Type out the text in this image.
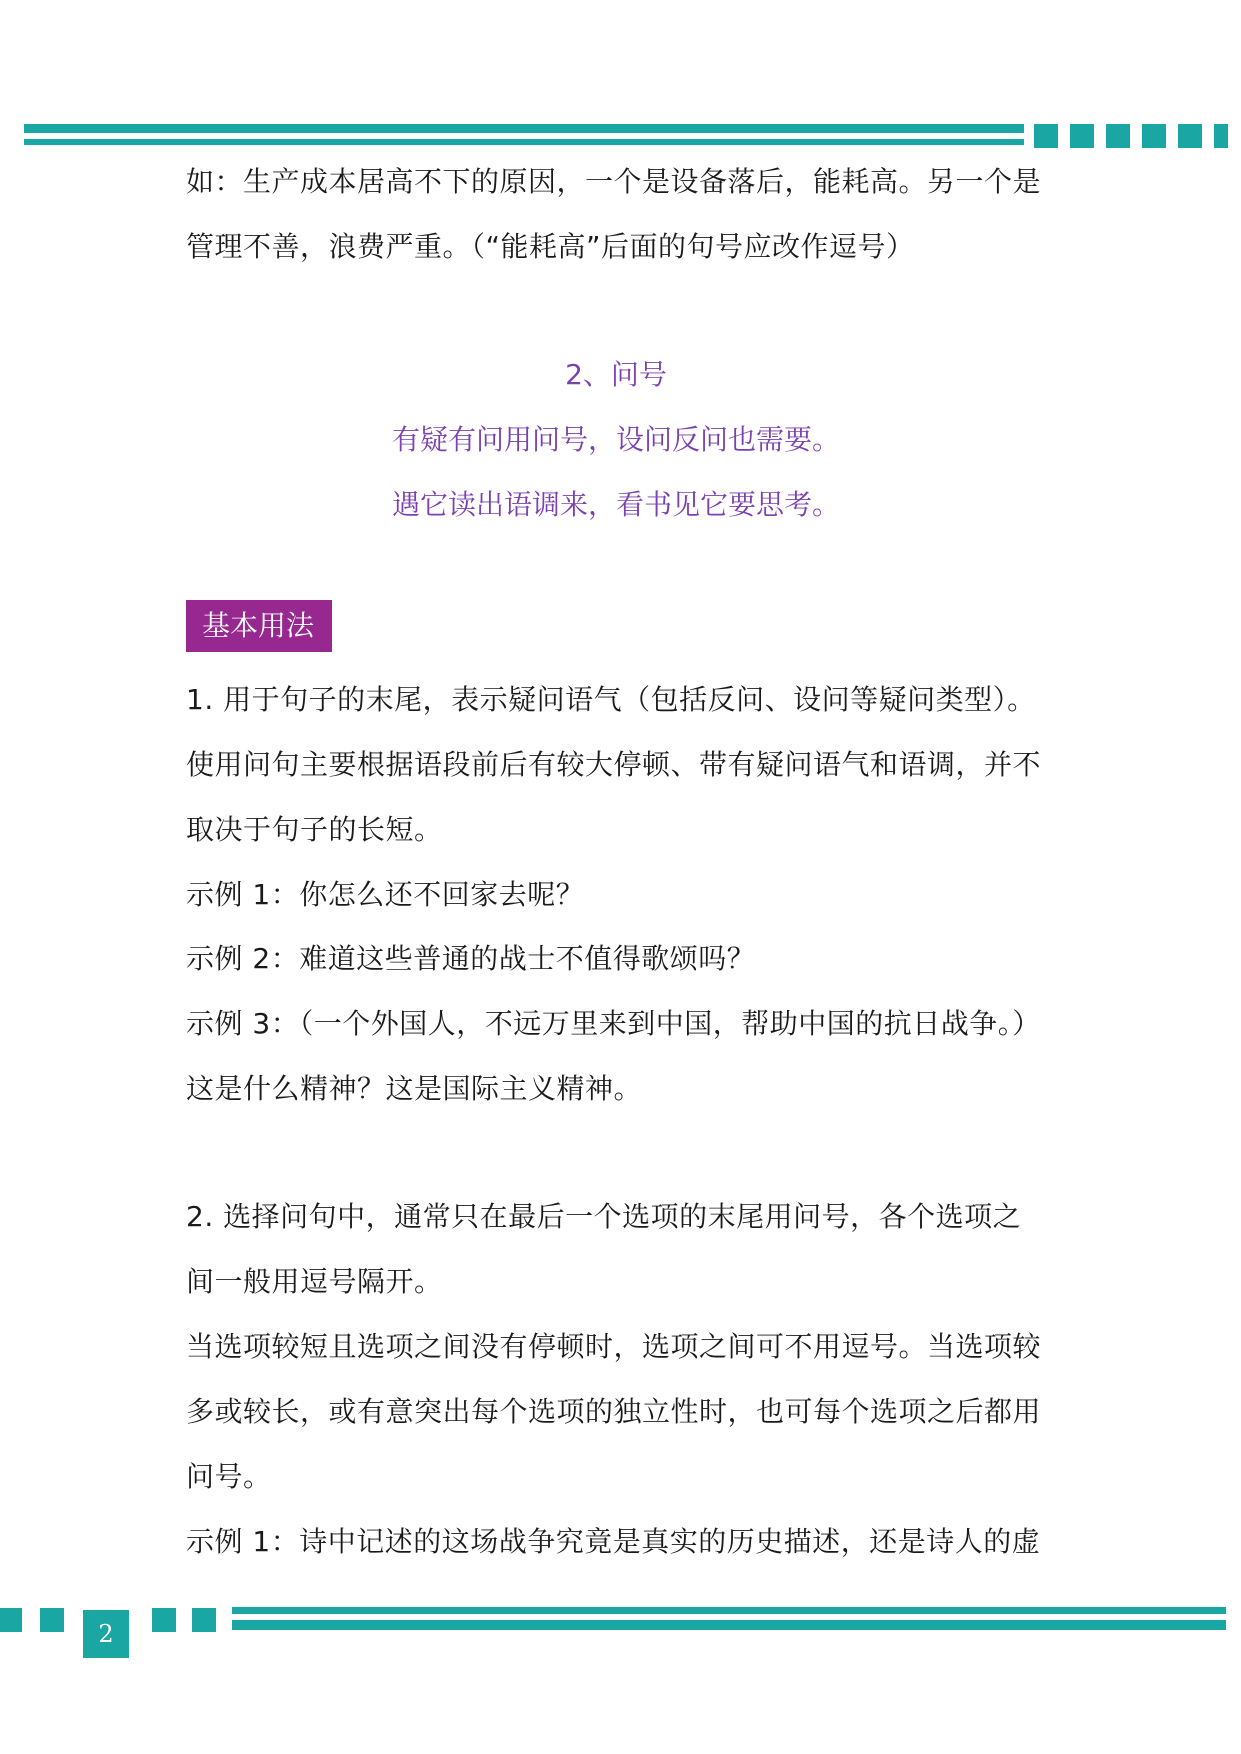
如：生产成本居高不下的原因，一个是设备落后，能耗高。另一个是
管理不善，浪费严重。（“能耗高”后面的句号应改作逗号）
2、问号
有疑有问用问号，设问反问也需要。
遇它读出语调来，看书见它要思考。
基本用法
1. 用于句子的末尾，表示疑问语气（包括反问、设问等疑问类型）。
使用问句主要根据语段前后有较大停顿、带有疑问语气和语调，并不
取决于句子的长短。
示例 1：你怎么还不回家去呢？
示例 2：难道这些普通的战士不值得歌颂吗？
示例 3：（一个外国人，不远万里来到中国，帮助中国的抗日战争。）
这是什么精神？这是国际主义精神。
2. 选择问句中，通常只在最后一个选项的末尾用问号，各个选项之
间一般用逗号隔开。
当选项较短且选项之间没有停顿时，选项之间可不用逗号。当选项较
多或较长，或有意突出每个选项的独立性时，也可每个选项之后都用
问号。
示例 1：诗中记述的这场战争究竟是真实的历史描述，还是诗人的虚
2
